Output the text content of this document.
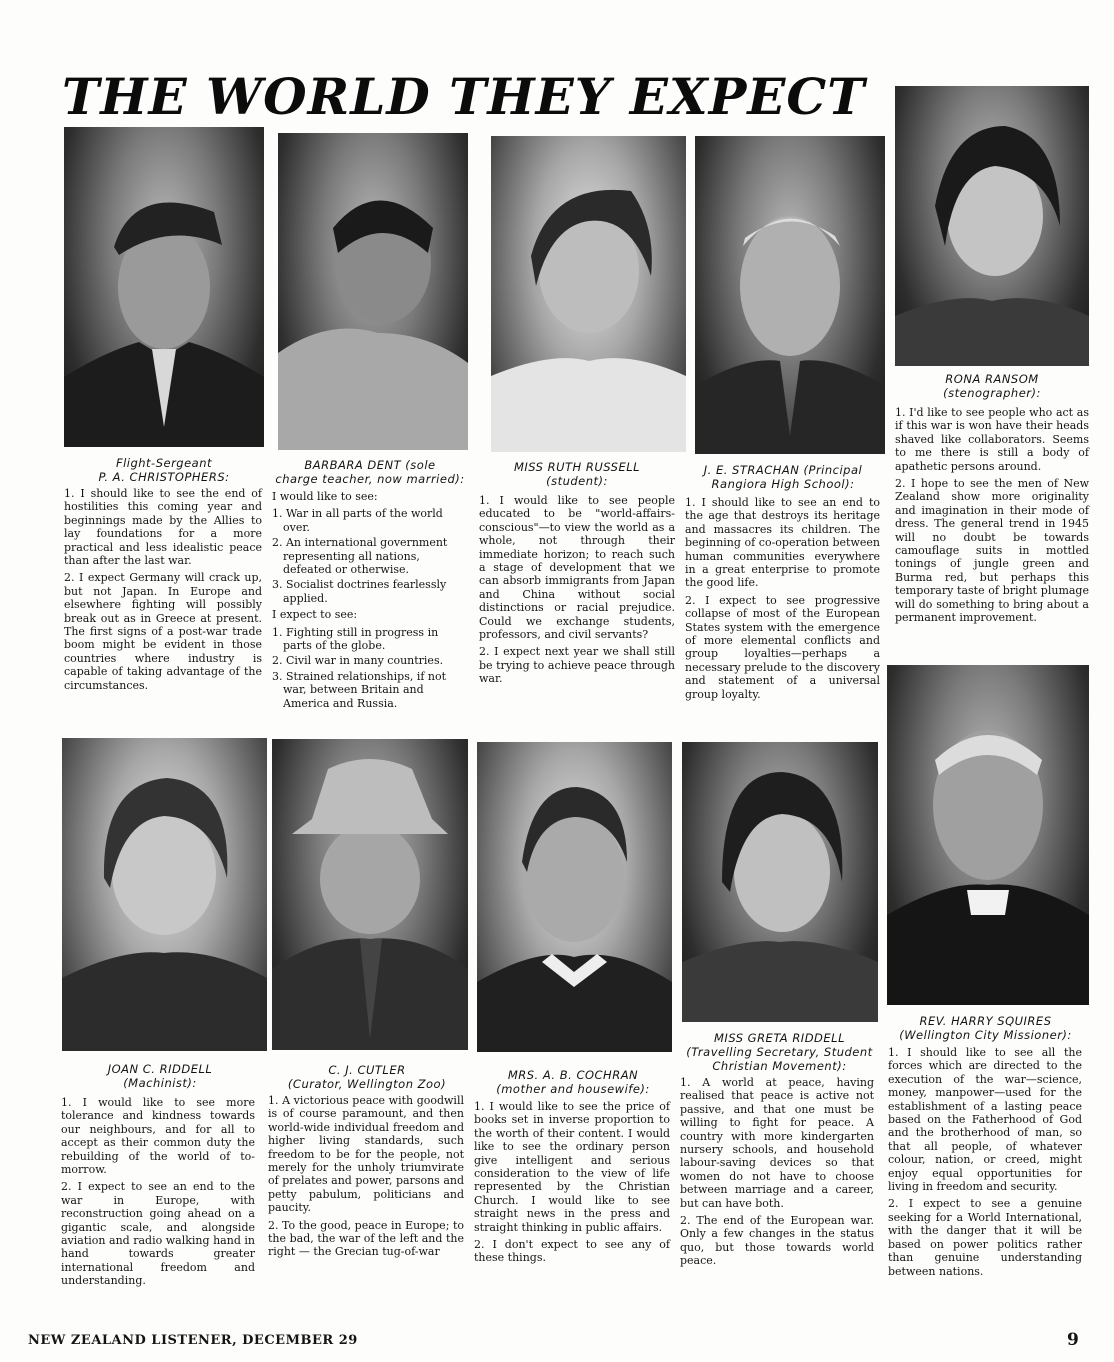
THE WORLD THEY EXPECT
Flight-Sergeant
P. A. CHRISTOPHERS:
BARBARA DENT (sole
charge teacher, now married):
MISS RUTH RUSSELL
(student):
J. E. STRACHAN (Principal
Rangiora High School):
RONA RANSOM
(stenographer):
JOAN C. RIDDELL
(Machinist):
C. J. CUTLER
(Curator, Wellington Zoo)
MRS. A. B. COCHRAN
(mother and housewife):
MISS GRETA RIDDELL
(Travelling Secretary, Student
Christian Movement):
REV. HARRY SQUIRES
(Wellington City Missioner):

1. I should like to see the end of hostilities this coming year and beginnings made by the Allies to lay foundations for a more practical and less idealistic peace than after the last war.

2. I expect Germany will crack up, but not Japan. In Europe and elsewhere fighting will possibly break out as in Greece at present. The first signs of a post-war trade boom might be evident in those countries where industry is capable of taking advantage of the circumstances.

I would like to see:

1. War in all parts of the world over.
2. An international government representing all nations, defeated or otherwise.
3. Socialist doctrines fearlessly applied.

I expect to see:

1. Fighting still in progress in parts of the globe.
2. Civil war in many countries.
3. Strained relationships, if not war, between Britain and America and Russia.

1. I would like to see people educated to be "world-affairs-conscious"—to view the world as a whole, not through their immediate horizon; to reach such a stage of development that we can absorb immigrants from Japan and China without social distinctions or racial prejudice. Could we exchange students, professors, and civil servants?

2. I expect next year we shall still be trying to achieve peace through war.

1. I should like to see an end to the age that destroys its heritage and massacres its children. The beginning of co-operation between human communities everywhere in a great enterprise to promote the good life.

2. I expect to see progressive collapse of most of the European States system with the emergence of more elemental conflicts and group loyalties—perhaps a necessary prelude to the discovery and statement of a universal group loyalty.

1. I'd like to see people who act as if this war is won have their heads shaved like collaborators. Seems to me there is still a body of apathetic persons around.

2. I hope to see the men of New Zealand show more originality and imagination in their mode of dress. The general trend in 1945 will no doubt be towards camouflage suits in mottled tonings of jungle green and Burma red, but perhaps this temporary taste of bright plumage will do something to bring about a permanent improvement.

1. I would like to see more tolerance and kindness towards our neighbours, and for all to accept as their common duty the rebuilding of the world of to-morrow.

2. I expect to see an end to the war in Europe, with reconstruction going ahead on a gigantic scale, and alongside aviation and radio walking hand in hand towards greater international freedom and understanding.

1. A victorious peace with goodwill is of course paramount, and then world-wide individual freedom and higher living standards, such freedom to be for the people, not merely for the unholy triumvirate of prelates and power, parsons and petty pabulum, politicians and paucity.

2. To the good, peace in Europe; to the bad, the war of the left and the right — the Grecian tug-of-war

1. I would like to see the price of books set in inverse proportion to the worth of their content. I would like to see the ordinary person give intelligent and serious consideration to the view of life represented by the Christian Church. I would like to see straight news in the press and straight thinking in public affairs.

2. I don't expect to see any of these things.

1. A world at peace, having realised that peace is active not passive, and that one must be willing to fight for peace. A country with more kindergarten nursery schools, and household labour-saving devices so that women do not have to choose between marriage and a career, but can have both.

2. The end of the European war. Only a few changes in the status quo, but those towards world peace.

1. I should like to see all the forces which are directed to the execution of the war—science, money, manpower—used for the establishment of a lasting peace based on the Fatherhood of God and the brotherhood of man, so that all people, of whatever colour, nation, or creed, might enjoy equal opportunities for living in freedom and security.

2. I expect to see a genuine seeking for a World International, with the danger that it will be based on power politics rather than genuine understanding between nations.

NEW ZEALAND LISTENER, DECEMBER 29	9
